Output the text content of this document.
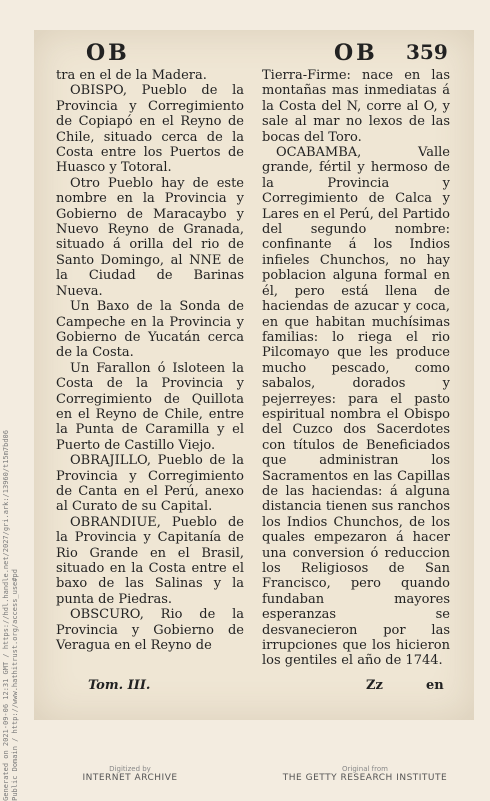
Generated on 2021-09-06 12:31 GMT / https://hdl.handle.net/2027/gri.ark:/13960/t15m7bd06 Public Domain / http://www.hathitrust.org/access_use#pd
OB	OB 359

tra en el de la Madera.

OBISPO, Pueblo de la Provincia y Corregimiento de Copiapó en el Reyno de Chile, situado cerca de la Costa entre los Puertos de Huasco y Totoral.

Otro Pueblo hay de este nombre en la Provincia y Gobierno de Maracaybo y Nuevo Reyno de Granada, situado á orilla del rio de Santo Domingo, al NNE de la Ciudad de Barinas Nueva.

Un Baxo de la Sonda de Campeche en la Provincia y Gobierno de Yucatán cerca de la Costa.

Un Farallon ó Isloteen la Costa de la Provincia y Corregimiento de Quillota en el Reyno de Chile, entre la Punta de Caramilla y el Puerto de Castillo Viejo.

OBRAJILLO, Pueblo de la Provincia y Corregimiento de Canta en el Perú, anexo al Curato de su Capital.

OBRANDIUE, Pueblo de la Provincia y Capitanía de Rio Grande en el Brasil, situado en la Costa entre el baxo de las Salinas y la punta de Piedras.

OBSCURO, Rio de la Provincia y Gobierno de Veragua en el Reyno de

Tierra-Firme: nace en las montañas mas inmediatas á la Costa del N, corre al O, y sale al mar no lexos de las bocas del Toro.

OCABAMBA, Valle grande, fértil y hermoso de la Provincia y Corregimiento de Calca y Lares en el Perú, del Partido del segundo nombre: confinante á los Indios infieles Chunchos, no hay poblacion alguna formal en él, pero está llena de haciendas de azucar y coca, en que habitan muchísimas familias: lo riega el rio Pilcomayo que les produce mucho pescado, como sabalos, dorados y pejerreyes: para el pasto espiritual nombra el Obispo del Cuzco dos Sacerdotes con títulos de Beneficiados que administran los Sacramentos en las Capillas de las haciendas: á alguna distancia tienen sus ranchos los Indios Chunchos, de los quales empezaron á hacer una conversion ó reduccion los Religiosos de San Francisco, pero quando fundaban mayores esperanzas se desvanecieron por las irrupciones que los hicieron los gentiles el año de 1744.

Tom. III.	Zz	en
Digitized by
INTERNET ARCHIVE
Original from
THE GETTY RESEARCH INSTITUTE
